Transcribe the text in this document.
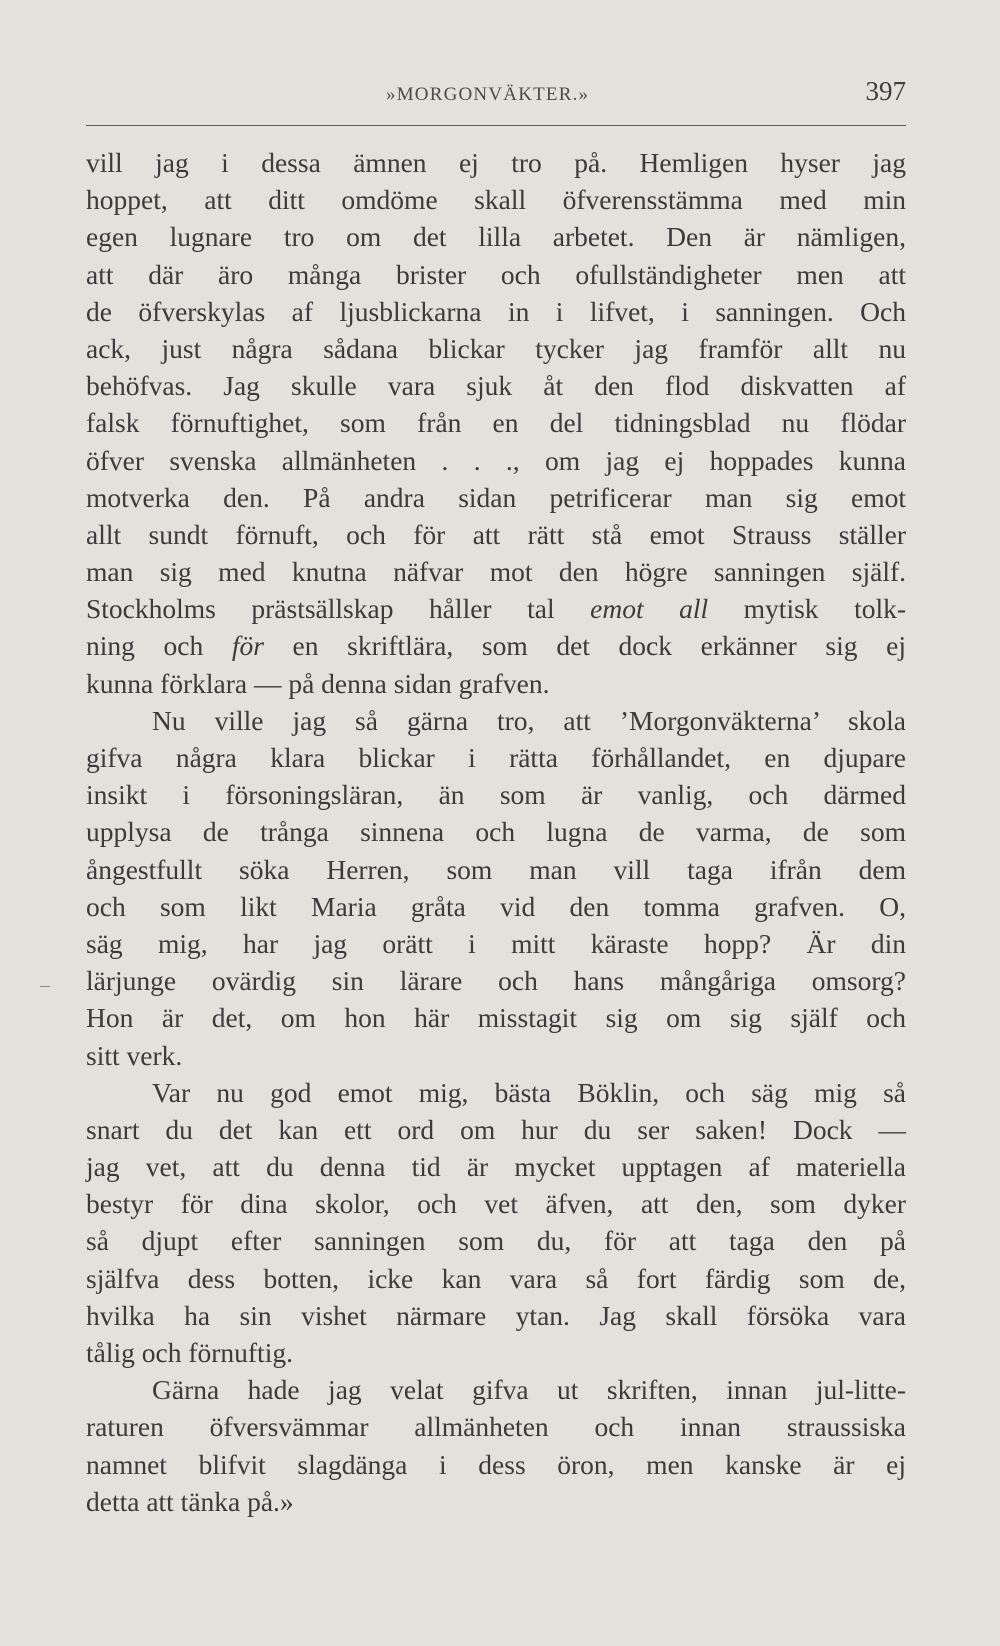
»MORGONVÄKTER.»	397
vill jag i dessa ämnen ej tro på. Hemligen hyser jag
hoppet, att ditt omdöme skall öfverensstämma med min
egen lugnare tro om det lilla arbetet. Den är nämligen,
att där äro många brister och ofullständigheter men att
de öfverskylas af ljusblickarna in i lifvet, i sanningen. Och
ack, just några sådana blickar tycker jag framför allt nu
behöfvas. Jag skulle vara sjuk åt den flod diskvatten af
falsk förnuftighet, som från en del tidningsblad nu flödar
öfver svenska allmänheten . . ., om jag ej hoppades kunna
motverka den. På andra sidan petrificerar man sig emot
allt sundt förnuft, och för att rätt stå emot Strauss ställer
man sig med knutna näfvar mot den högre sanningen själf.
Stockholms prästsällskap håller tal emot all mytisk tolk-
ning och för en skriftlära, som det dock erkänner sig ej
kunna förklara — på denna sidan grafven.
Nu ville jag så gärna tro, att ’Morgonväkterna’ skola
gifva några klara blickar i rätta förhållandet, en djupare
insikt i försoningsläran, än som är vanlig, och därmed
upplysa de trånga sinnena och lugna de varma, de som
ångestfullt söka Herren, som man vill taga ifrån dem
och som likt Maria gråta vid den tomma grafven. O,
säg mig, har jag orätt i mitt käraste hopp? Är din
lärjunge ovärdig sin lärare och hans mångåriga omsorg?
Hon är det, om hon här misstagit sig om sig själf och
sitt verk.
Var nu god emot mig, bästa Böklin, och säg mig så
snart du det kan ett ord om hur du ser saken! Dock —
jag vet, att du denna tid är mycket upptagen af materiella
bestyr för dina skolor, och vet äfven, att den, som dyker
så djupt efter sanningen som du, för att taga den på
själfva dess botten, icke kan vara så fort färdig som de,
hvilka ha sin vishet närmare ytan. Jag skall försöka vara
tålig och förnuftig.
Gärna hade jag velat gifva ut skriften, innan jul-litte-
raturen öfversvämmar allmänheten och innan straussiska
namnet blifvit slagdänga i dess öron, men kanske är ej
detta att tänka på.»
